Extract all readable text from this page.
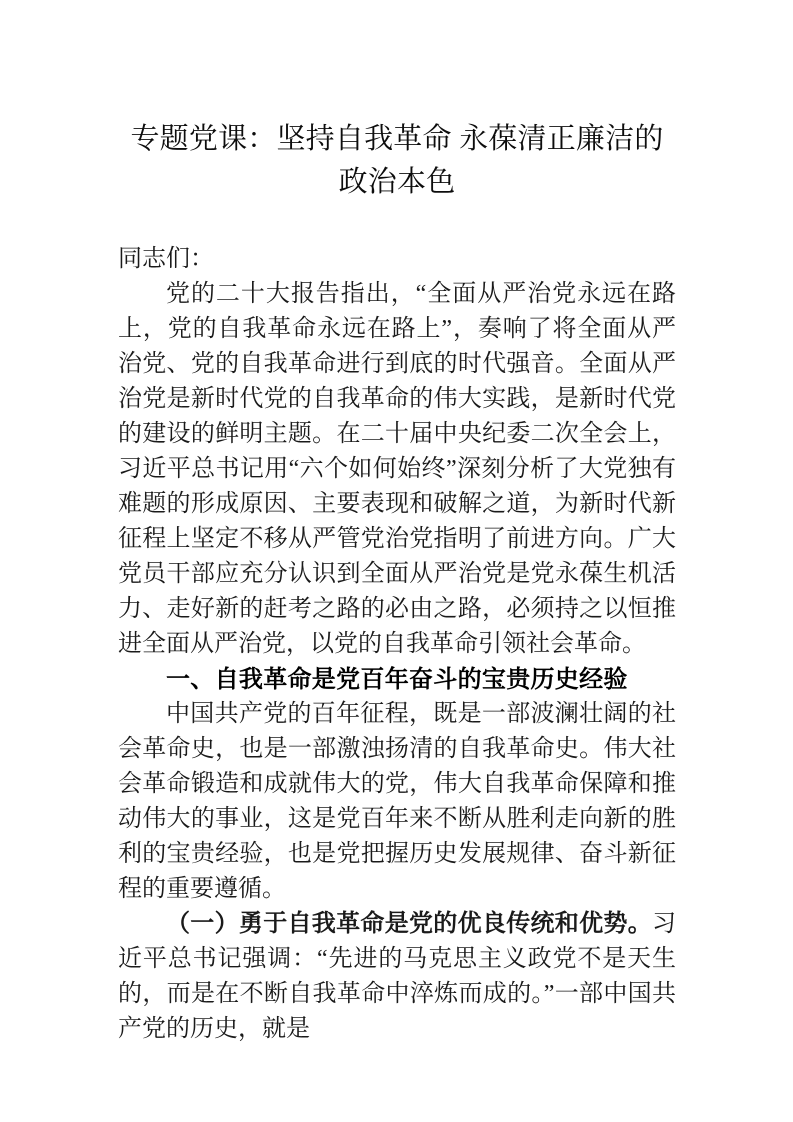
专题党课：坚持自我革命 永葆清正廉洁的政治本色

同志们：

党的二十大报告指出，“全面从严治党永远在路上，党的自我革命永远在路上”，奏响了将全面从严治党、党的自我革命进行到底的时代强音。全面从严治党是新时代党的自我革命的伟大实践，是新时代党的建设的鲜明主题。在二十届中央纪委二次全会上，习近平总书记用“六个如何始终”深刻分析了大党独有难题的形成原因、主要表现和破解之道，为新时代新征程上坚定不移从严管党治党指明了前进方向。广大党员干部应充分认识到全面从严治党是党永葆生机活力、走好新的赶考之路的必由之路，必须持之以恒推进全面从严治党，以党的自我革命引领社会革命。

一、自我革命是党百年奋斗的宝贵历史经验

中国共产党的百年征程，既是一部波澜壮阔的社会革命史，也是一部激浊扬清的自我革命史。伟大社会革命锻造和成就伟大的党，伟大自我革命保障和推动伟大的事业，这是党百年来不断从胜利走向新的胜利的宝贵经验，也是党把握历史发展规律、奋斗新征程的重要遵循。

（一）勇于自我革命是党的优良传统和优势。习近平总书记强调：“先进的马克思主义政党不是天生的，而是在不断自我革命中淬炼而成的。”一部中国共产党的历史，就是
